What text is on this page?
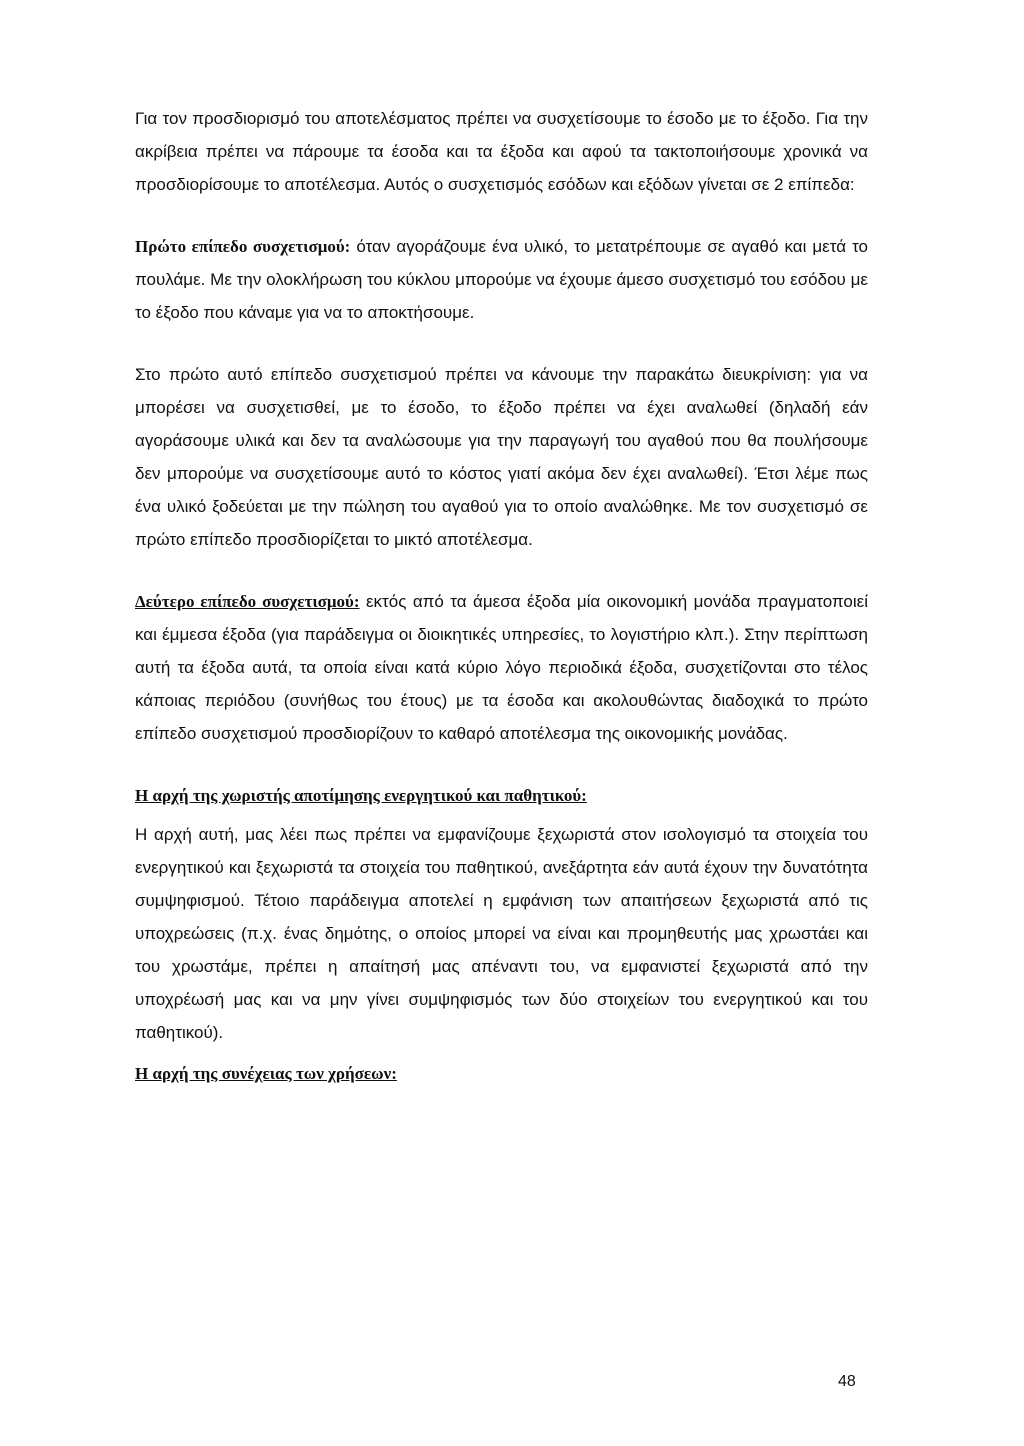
Για τον προσδιορισμό του αποτελέσματος πρέπει να συσχετίσουμε το έσοδο με το έξοδο. Για την ακρίβεια πρέπει να πάρουμε τα έσοδα και τα έξοδα και αφού τα τακτοποιήσουμε χρονικά να προσδιορίσουμε το αποτέλεσμα. Αυτός ο συσχετισμός εσόδων και εξόδων γίνεται σε 2 επίπεδα:

Πρώτο επίπεδο συσχετισμού: όταν αγοράζουμε ένα υλικό, το μετατρέπουμε σε αγαθό και μετά το πουλάμε. Με την ολοκλήρωση του κύκλου μπορούμε να έχουμε άμεσο συσχετισμό του εσόδου με το έξοδο που κάναμε για να το αποκτήσουμε.

Στο πρώτο αυτό επίπεδο συσχετισμού πρέπει να κάνουμε την παρακάτω διευκρίνιση: για να μπορέσει να συσχετισθεί, με το έσοδο, το έξοδο πρέπει να έχει αναλωθεί (δηλαδή εάν αγοράσουμε υλικά και δεν τα αναλώσουμε για την παραγωγή του αγαθού που θα πουλήσουμε δεν μπορούμε να συσχετίσουμε αυτό το κόστος γιατί ακόμα δεν έχει αναλωθεί). Έτσι λέμε πως ένα υλικό ξοδεύεται με την πώληση του αγαθού για το οποίο αναλώθηκε. Με τον συσχετισμό σε πρώτο επίπεδο προσδιορίζεται το μικτό αποτέλεσμα.

Δεύτερο επίπεδο συσχετισμού: εκτός από τα άμεσα έξοδα μία οικονομική μονάδα πραγματοποιεί και έμμεσα έξοδα (για παράδειγμα οι διοικητικές υπηρεσίες, το λογιστήριο κλπ.). Στην περίπτωση αυτή τα έξοδα αυτά, τα οποία είναι κατά κύριο λόγο περιοδικά έξοδα, συσχετίζονται στο τέλος κάποιας περιόδου (συνήθως του έτους) με τα έσοδα και ακολουθώντας διαδοχικά το πρώτο επίπεδο συσχετισμού προσδιορίζουν το καθαρό αποτέλεσμα της οικονομικής μονάδας.

Η αρχή της χωριστής αποτίμησης ενεργητικού και παθητικού:

Η αρχή αυτή, μας λέει πως πρέπει να εμφανίζουμε ξεχωριστά στον ισολογισμό τα στοιχεία του ενεργητικού και ξεχωριστά τα στοιχεία του παθητικού, ανεξάρτητα εάν αυτά έχουν την δυνατότητα συμψηφισμού. Τέτοιο παράδειγμα αποτελεί η εμφάνιση των απαιτήσεων ξεχωριστά από τις υποχρεώσεις (π.χ. ένας δημότης, ο οποίος μπορεί να είναι και προμηθευτής μας χρωστάει και του χρωστάμε, πρέπει η απαίτησή μας απέναντι του, να εμφανιστεί ξεχωριστά από την υποχρέωσή μας και να μην γίνει συμψηφισμός των δύο στοιχείων του ενεργητικού και του παθητικού).

Η αρχή της συνέχειας των χρήσεων:

48
